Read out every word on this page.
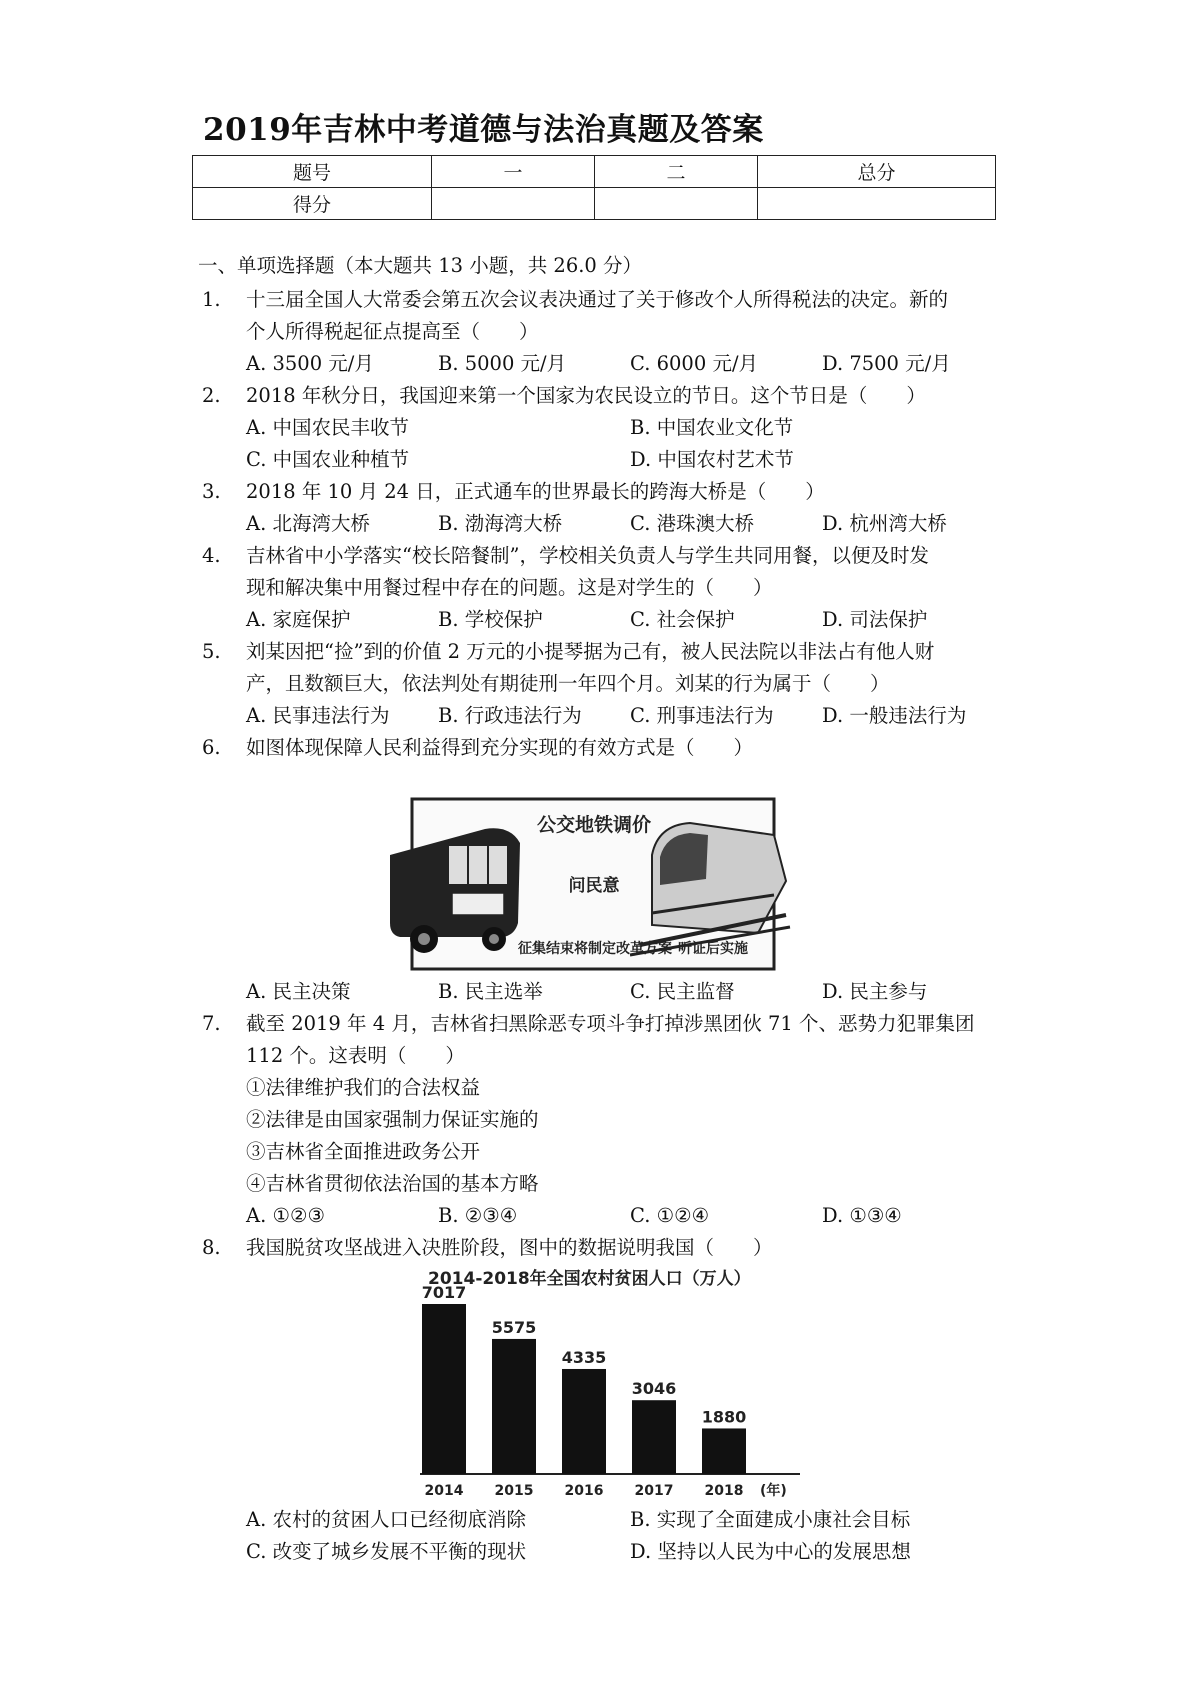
2019年吉林中考道德与法治真题及答案
题号	一	二	总分
得分			
一、单项选择题（本大题共 13 小题，共 26.0 分）
1. 十三届全国人大常委会第五次会议表决通过了关于修改个人所得税法的决定。新的
个人所得税起征点提高至（　　）
A. 3500 元/月	B. 5000 元/月	C. 6000 元/月	D. 7500 元/月
2. 2018 年秋分日，我国迎来第一个国家为农民设立的节日。这个节日是（　　）
A. 中国农民丰收节	B. 中国农业文化节
C. 中国农业种植节	D. 中国农村艺术节
3. 2018 年 10 月 24 日，正式通车的世界最长的跨海大桥是（　　）
A. 北海湾大桥	B. 渤海湾大桥	C. 港珠澳大桥	D. 杭州湾大桥
4. 吉林省中小学落实“校长陪餐制”，学校相关负责人与学生共同用餐，以便及时发
现和解决集中用餐过程中存在的问题。这是对学生的（　　）
A. 家庭保护	B. 学校保护	C. 社会保护	D. 司法保护
5. 刘某因把“捡”到的价值 2 万元的小提琴据为己有，被人民法院以非法占有他人财
产，且数额巨大，依法判处有期徒刑一年四个月。刘某的行为属于（　　）
A. 民事违法行为 B. 行政违法行为 C. 刑事违法行为 D. 一般违法行为
6. 如图体现保障人民利益得到充分实现的有效方式是（　　）
公交地铁调价
问民意
征集结束将制定改革方案 听证后实施
A. 民主决策	B. 民主选举	C. 民主监督	D. 民主参与
7. 截至 2019 年 4 月，吉林省扫黑除恶专项斗争打掉涉黑团伙 71 个、恶势力犯罪集团
112 个。这表明（　　）
①法律维护我们的合法权益
②法律是由国家强制力保证实施的
③吉林省全面推进政务公开
④吉林省贯彻依法治国的基本方略
A. ①②③	B. ②③④	C. ①②④	D. ①③④
8. 我国脱贫攻坚战进入决胜阶段，图中的数据说明我国（　　）
2014-2018年全国农村贫困人口（万人）
7017
2014
5575
2015
4335
2016
3046
2017
1880
2018 (年)
A. 农村的贫困人口已经彻底消除	B. 实现了全面建成小康社会目标
C. 改变了城乡发展不平衡的现状	D. 坚持以人民为中心的发展思想
